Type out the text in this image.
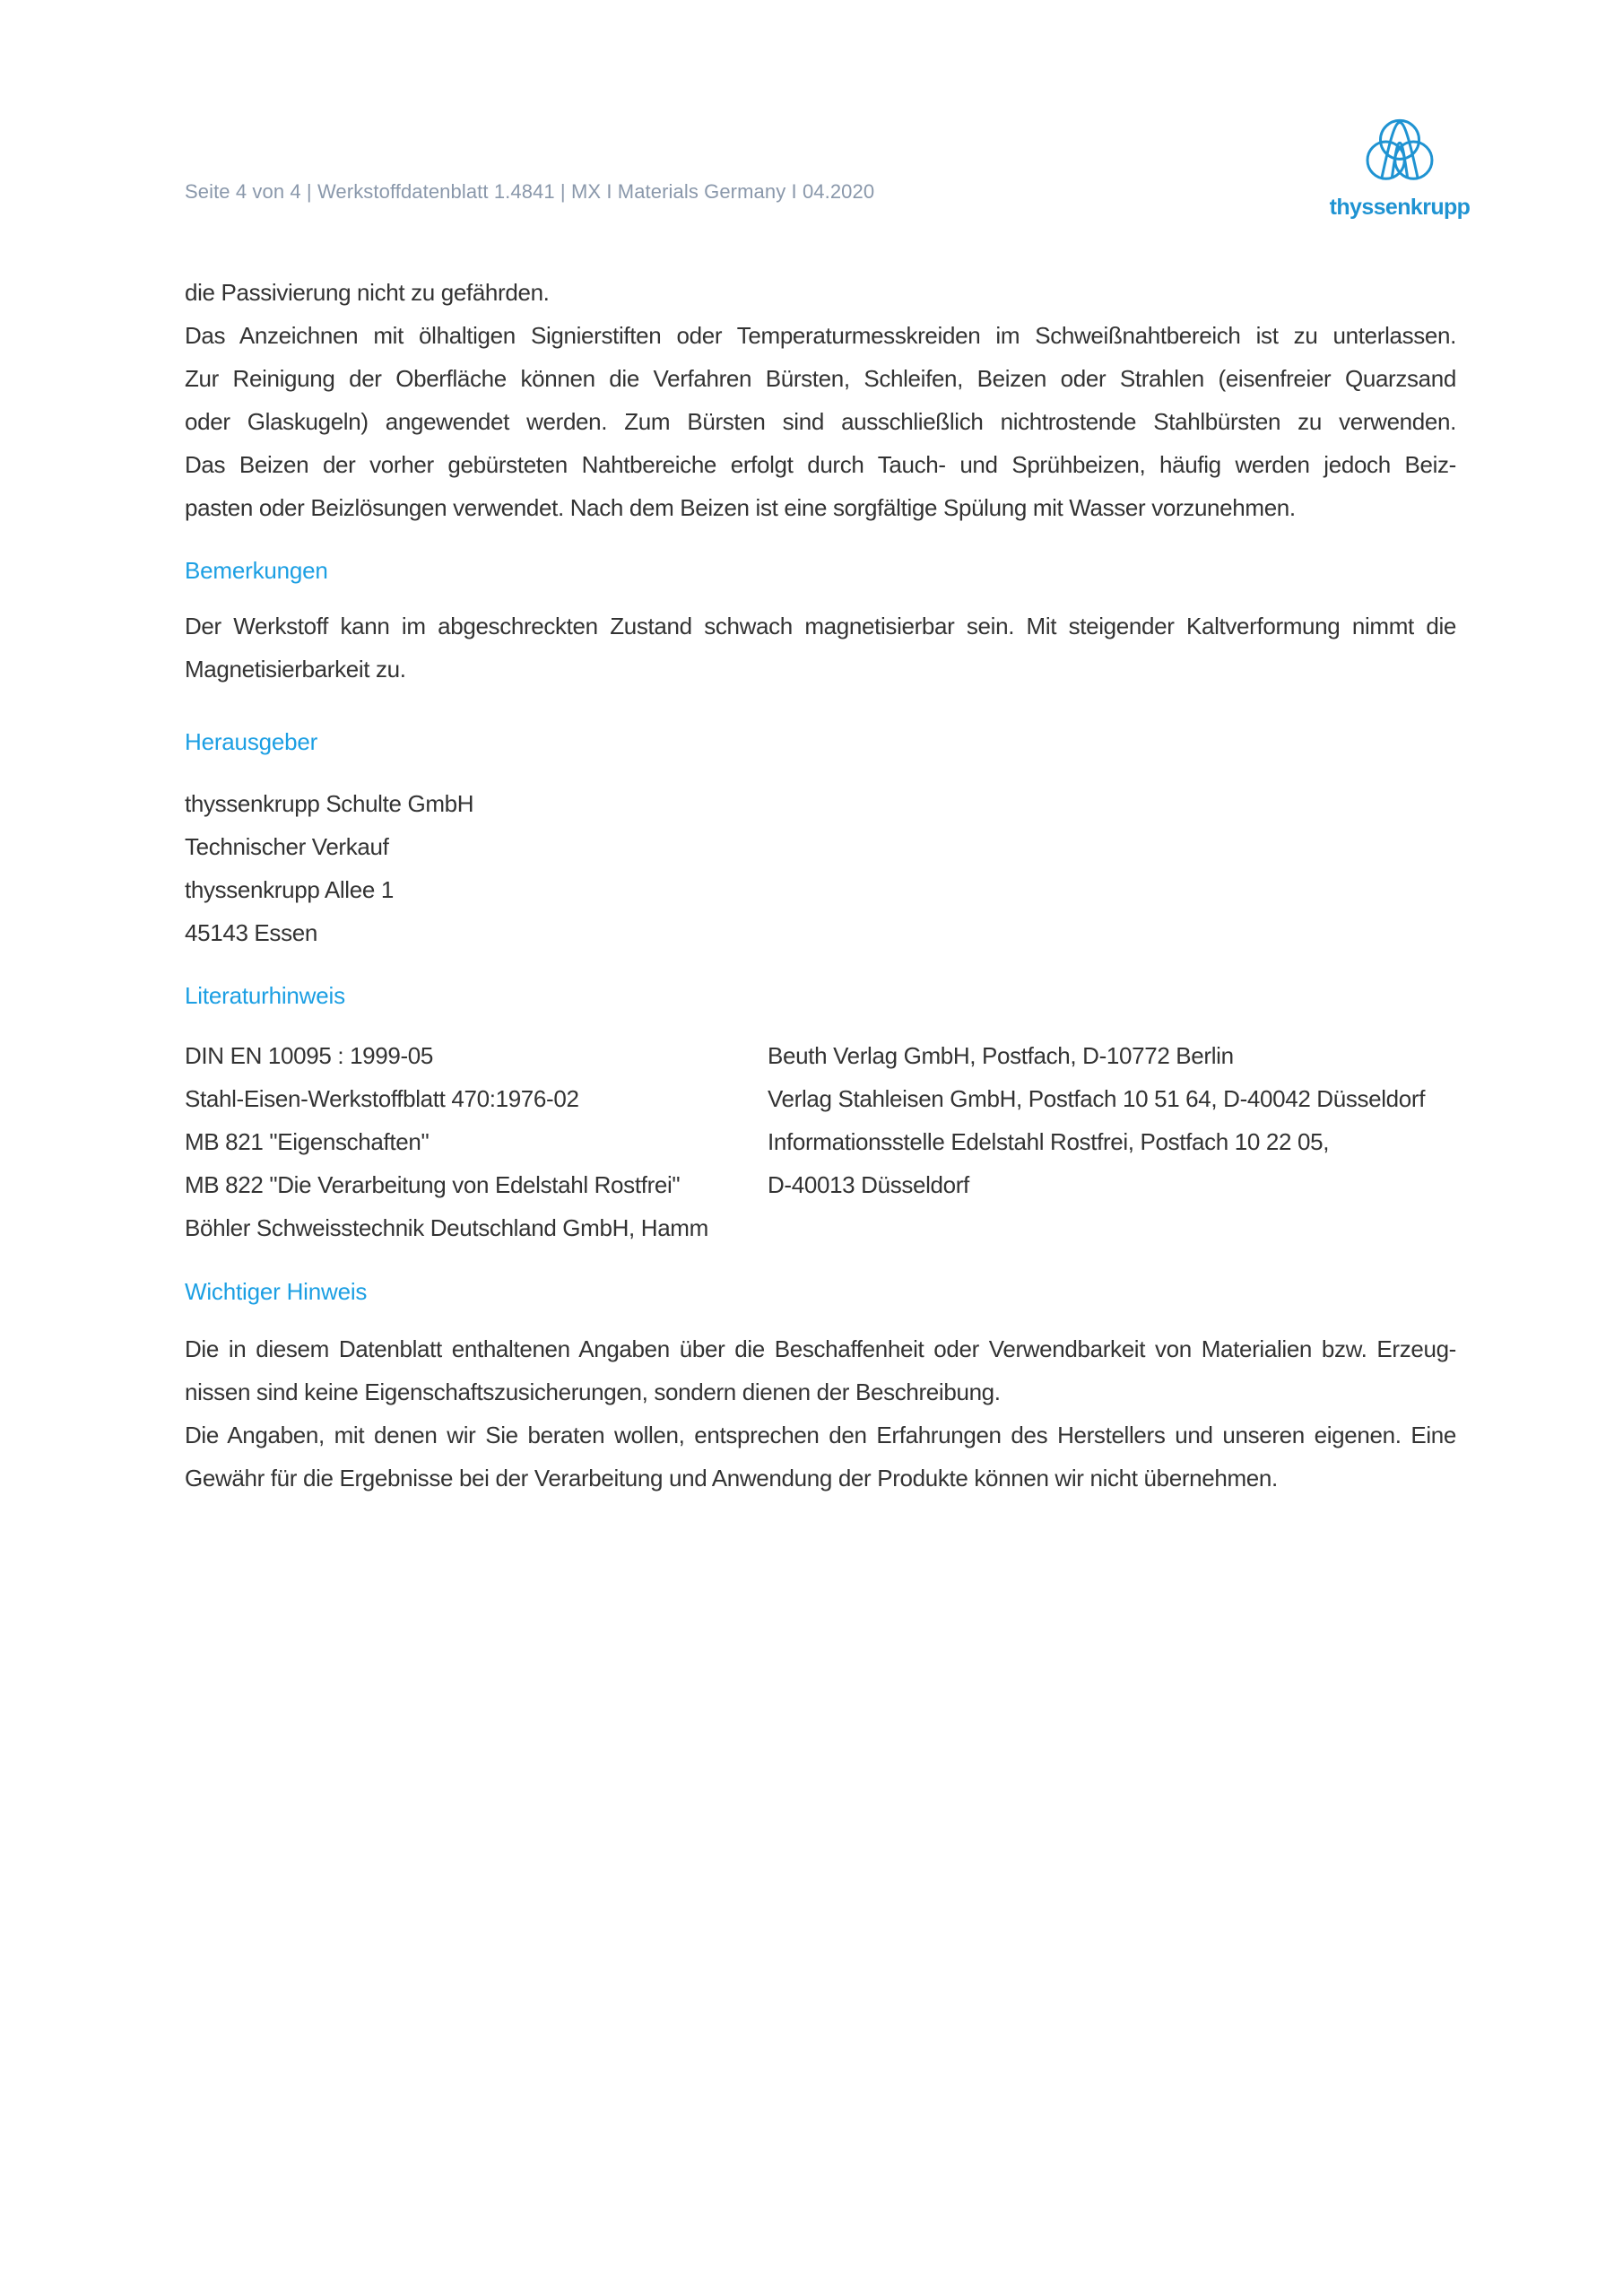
Seite 4 von 4 | Werkstoffdatenblatt 1.4841 | MX I Materials Germany I 04.2020
thyssenkrupp
die Passivierung nicht zu gefährden.
Das Anzeichnen mit ölhaltigen Signierstiften oder Temperaturmesskreiden im Schweißnahtbereich ist zu unterlassen.
Zur Reinigung der Oberfläche können die Verfahren Bürsten, Schleifen, Beizen oder Strahlen (eisenfreier Quarzsand
oder Glaskugeln) angewendet werden. Zum Bürsten sind ausschließlich nichtrostende Stahlbürsten zu verwenden.
Das Beizen der vorher gebürsteten Nahtbereiche erfolgt durch Tauch- und Sprühbeizen, häufig werden jedoch Beiz-
pasten oder Beizlösungen verwendet. Nach dem Beizen ist eine sorgfältige Spülung mit Wasser vorzunehmen.
Bemerkungen
Der Werkstoff kann im abgeschreckten Zustand schwach magnetisierbar sein. Mit steigender Kaltverformung nimmt die
Magnetisierbarkeit zu.
Herausgeber
thyssenkrupp Schulte GmbH
Technischer Verkauf
thyssenkrupp Allee 1
45143 Essen
Literaturhinweis
DIN EN 10095 : 1999-05
Stahl-Eisen-Werkstoffblatt 470:1976-02
MB 821 "Eigenschaften"
MB 822 "Die Verarbeitung von Edelstahl Rostfrei"
Böhler Schweisstechnik Deutschland GmbH, Hamm
Beuth Verlag GmbH, Postfach, D-10772 Berlin
Verlag Stahleisen GmbH, Postfach 10 51 64, D-40042 Düsseldorf
Informationsstelle Edelstahl Rostfrei, Postfach 10 22 05,
D-40013 Düsseldorf
Wichtiger Hinweis
Die in diesem Datenblatt enthaltenen Angaben über die Beschaffenheit oder Verwendbarkeit von Materialien bzw. Erzeug-
nissen sind keine Eigenschaftszusicherungen, sondern dienen der Beschreibung.
Die Angaben, mit denen wir Sie beraten wollen, entsprechen den Erfahrungen des Herstellers und unseren eigenen. Eine
Gewähr für die Ergebnisse bei der Verarbeitung und Anwendung der Produkte können wir nicht übernehmen.
